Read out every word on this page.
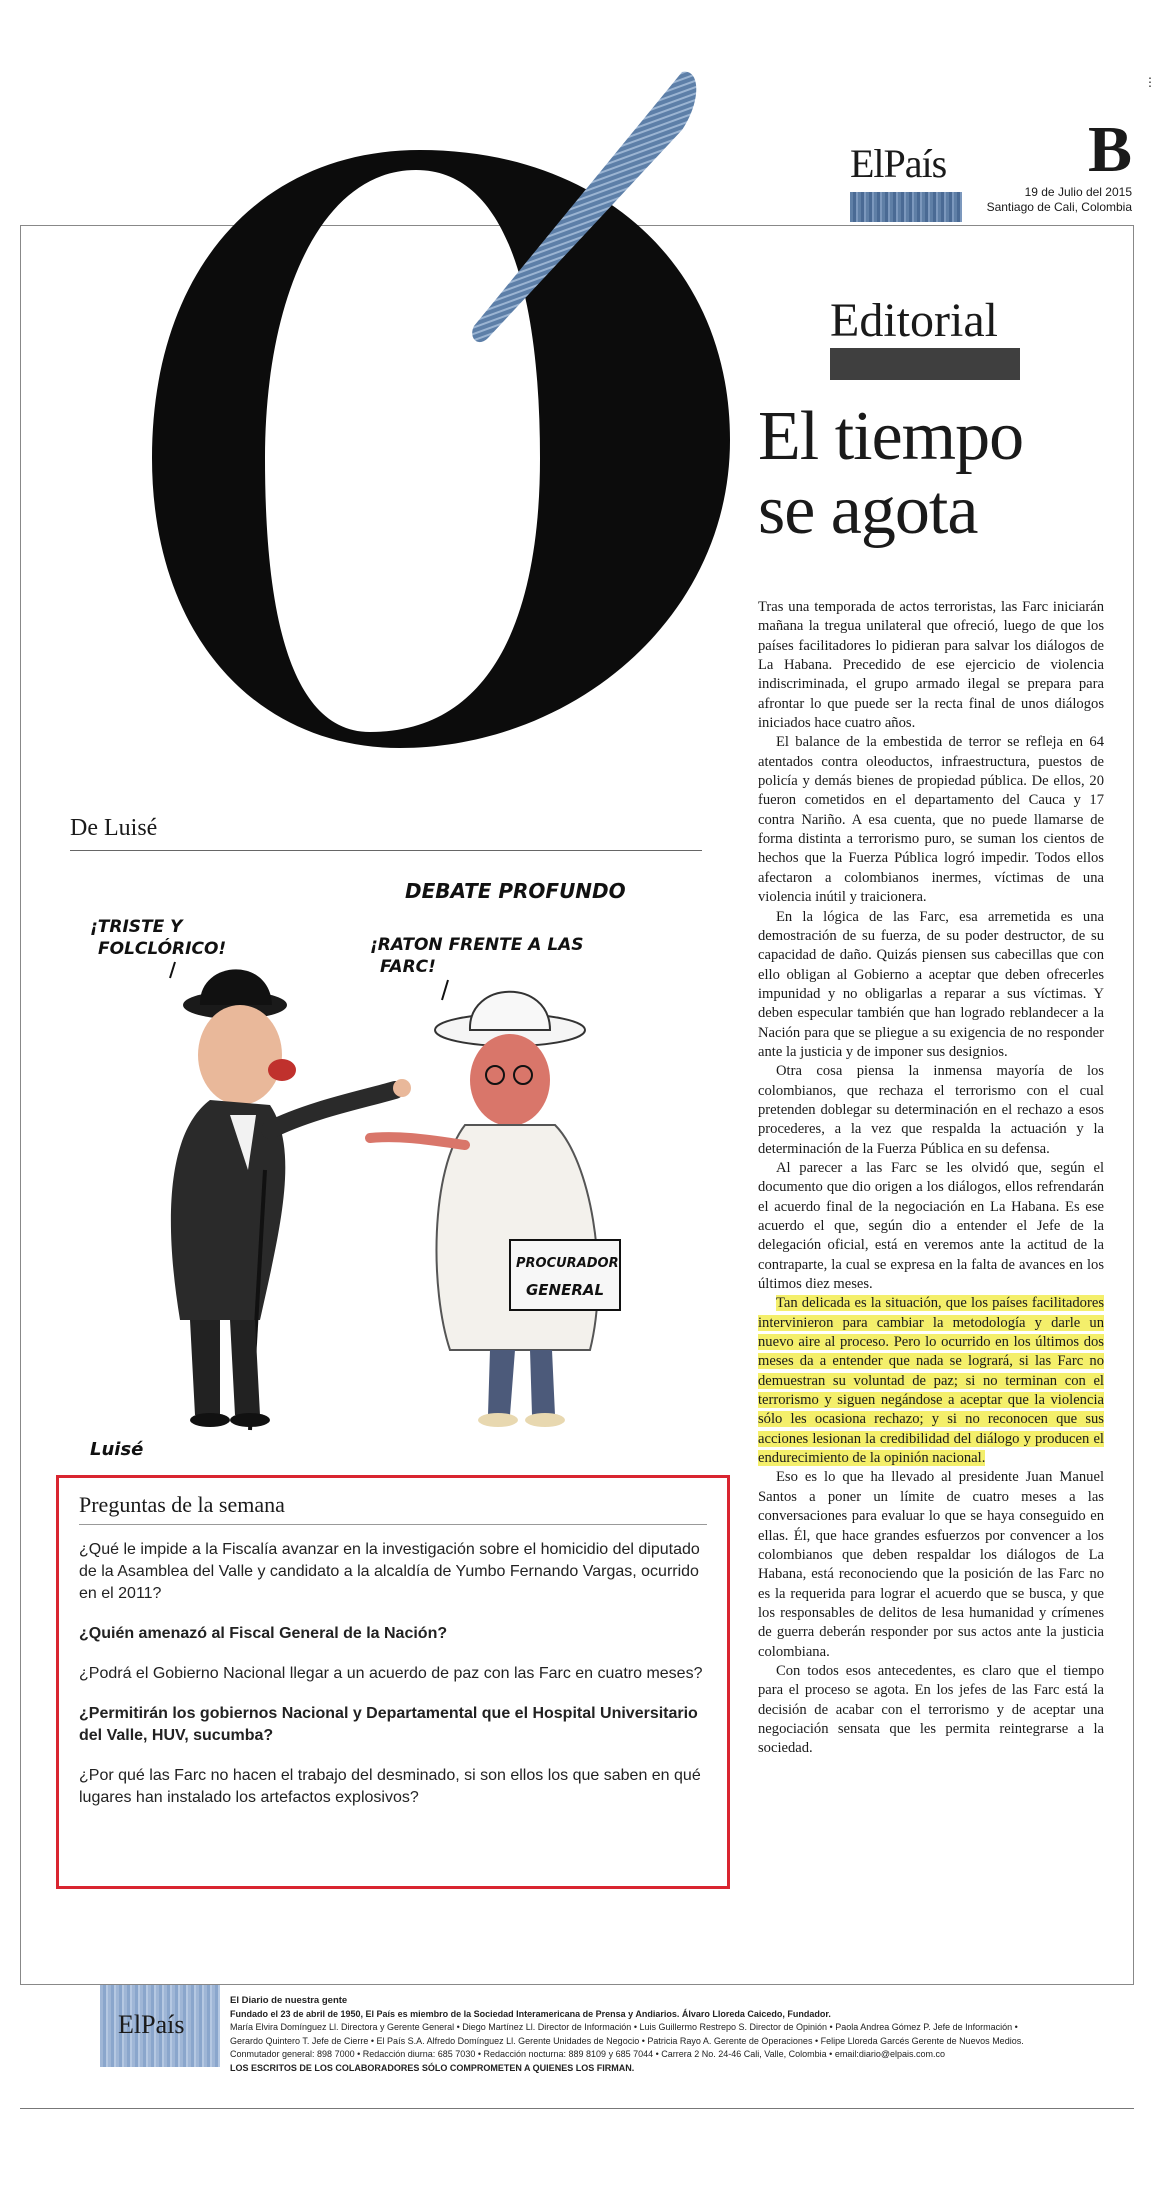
ElPaís B
19 de Julio del 2015
Santiago de Cali, Colombia
⋮
Editorial
El tiempo
se agota

Tras una temporada de actos terroristas, las Farc iniciarán mañana la tregua unilateral que ofreció, luego de que los países facilitadores lo pidieran para salvar los diálogos de La Habana. Precedido de ese ejercicio de violencia indiscriminada, el grupo armado ilegal se prepara para afrontar lo que puede ser la recta final de unos diálogos iniciados hace cuatro años.

El balance de la embestida de terror se refleja en 64 atentados contra oleoductos, infraestructura, puestos de policía y demás bienes de propiedad pública. De ellos, 20 fueron cometidos en el departamento del Cauca y 17 contra Nariño. A esa cuenta, que no puede llamarse de forma distinta a terrorismo puro, se suman los cientos de hechos que la Fuerza Pública logró impedir. Todos ellos afectaron a colombianos inermes, víctimas de una violencia inútil y traicionera.

En la lógica de las Farc, esa arremetida es una demostración de su fuerza, de su poder destructor, de su capacidad de daño. Quizás piensen sus cabecillas que con ello obligan al Gobierno a aceptar que deben ofrecerles impunidad y no obligarlas a reparar a sus víctimas. Y deben especular también que han logrado reblandecer a la Nación para que se pliegue a su exigencia de no responder ante la justicia y de imponer sus designios.

Otra cosa piensa la inmensa mayoría de los colombianos, que rechaza el terrorismo con el cual pretenden doblegar su determinación en el rechazo a esos procederes, a la vez que respalda la actuación y la determinación de la Fuerza Pública en su defensa.

Al parecer a las Farc se les olvidó que, según el documento que dio origen a los diálogos, ellos refrendarán el acuerdo final de la negociación en La Habana. Es ese acuerdo el que, según dio a entender el Jefe de la delegación oficial, está en veremos ante la actitud de la contraparte, la cual se expresa en la falta de avances en los últimos diez meses.

Tan delicada es la situación, que los países facilitadores intervinieron para cambiar la metodología y darle un nuevo aire al proceso. Pero lo ocurrido en los últimos dos meses da a entender que nada se logrará, si las Farc no demuestran su voluntad de paz; si no terminan con el terrorismo y siguen negándose a aceptar que la violencia sólo les ocasiona rechazo; y si no reconocen que sus acciones lesionan la credibilidad del diálogo y producen el endurecimiento de la opinión nacional.

Eso es lo que ha llevado al presidente Juan Manuel Santos a poner un límite de cuatro meses a las conversaciones para evaluar lo que se haya conseguido en ellas. Él, que hace grandes esfuerzos por convencer a los colombianos que deben respaldar los diálogos de La Habana, está reconociendo que la posición de las Farc no es la requerida para lograr el acuerdo que se busca, y que los responsables de delitos de lesa humanidad y crímenes de guerra deberán responder por sus actos ante la justicia colombiana.

Con todos esos antecedentes, es claro que el tiempo para el proceso se agota. En los jefes de las Farc está la decisión de acabar con el terrorismo y de aceptar una negociación sensata que les permita reintegrarse a la sociedad.

De Luisé
DEBATE PROFUNDO
¡TRISTE Y
FOLCLÓRICO!	¡RATON FRENTE A LAS
FARC!
PROCURADOR
GENERAL
Luisé
Preguntas de la semana

¿Qué le impide a la Fiscalía avanzar en la investigación sobre el homicidio del diputado de la Asamblea del Valle y candidato a la alcaldía de Yumbo Fernando Vargas, ocurrido en el 2011?

¿Quién amenazó al Fiscal General de la Nación?

¿Podrá el Gobierno Nacional llegar a un acuerdo de paz con las Farc en cuatro meses?

¿Permitirán los gobiernos Nacional y Departamental que el Hospital Universitario del Valle, HUV, sucumba?

¿Por qué las Farc no hacen el trabajo del desminado, si son ellos los que saben en qué lugares han instalado los artefactos explosivos?

ElPaís
El Diario de nuestra gente
Fundado el 23 de abril de 1950, El País es miembro de la Sociedad Interamericana de Prensa y Andiarios. Álvaro Lloreda Caicedo, Fundador.
María Elvira Domínguez Ll. Directora y Gerente General • Diego Martínez Ll. Director de Información • Luis Guillermo Restrepo S. Director de Opinión • Paola Andrea Gómez P. Jefe de Información •
Gerardo Quintero T. Jefe de Cierre • El País S.A. Alfredo Domínguez Ll. Gerente Unidades de Negocio • Patricia Rayo A. Gerente de Operaciones • Felipe Lloreda Garcés Gerente de Nuevos Medios.
Conmutador general: 898 7000 • Redacción diurna: 685 7030 • Redacción nocturna: 889 8109 y 685 7044 • Carrera 2 No. 24-46 Cali, Valle, Colombia • email:diario@elpais.com.co
LOS ESCRITOS DE LOS COLABORADORES SÓLO COMPROMETEN A QUIENES LOS FIRMAN.
